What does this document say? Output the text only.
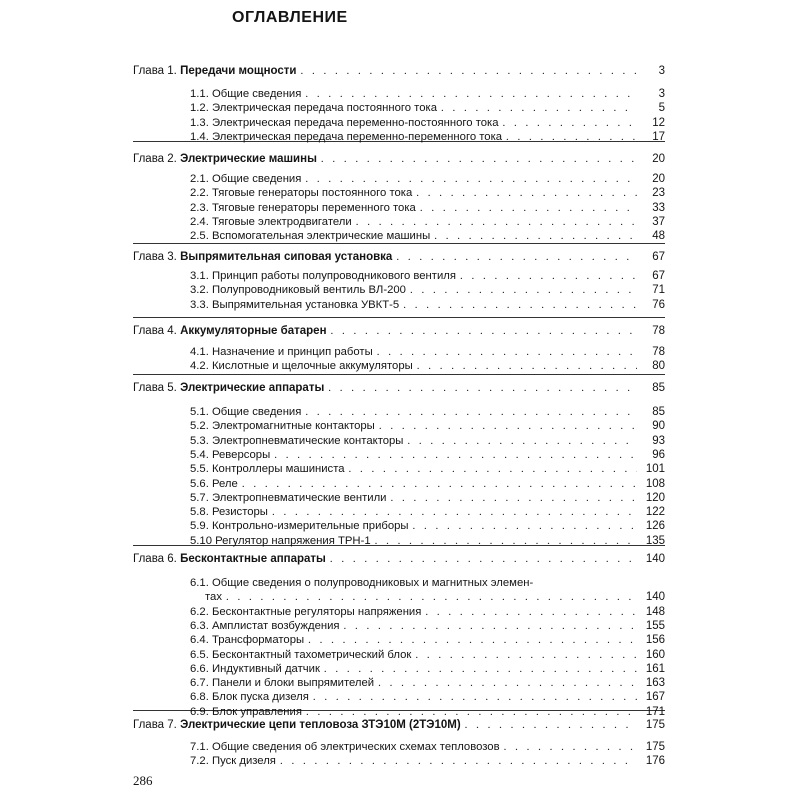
ОГЛАВЛЕНИЕ
Глава 1. Передачи мощности . . .	3
1.1. Общие сведения . . .	3
1.2. Электрическая передача постоянного тока . . .	5
1.3. Электрическая передача переменно-постоянного тока . . .	12
1.4. Электрическая передача переменно-переменного тока . . .	17
Глава 2. Электрические машины . . .	20
2.1. Общие сведения . . .	20
2.2. Тяговые генераторы постоянного тока . . .	23
2.3. Тяговые генераторы переменного тока . . .	33
2.4. Тяговые электродвигатели . . .	37
2.5. Вспомогательная электрические машины . . .	48
Глава 3. Выпрямительная сиповая установка . . .	67
3.1. Принцип работы полупроводникового вентиля . . .	67
3.2. Полупроводниковый вентиль ВЛ-200 . . .	71
3.3. Выпрямительная установка УВКТ-5 . . .	76
Глава 4. Аккумуляторные батарен . . .	78
4.1. Назначение и принцип работы . . .	78
4.2. Кислотные и щелочные аккумуляторы . . .	80
Глава 5. Электрические аппараты . . .	85
5.1. Общие сведения . . .	85
5.2. Электромагнитные контакторы . . .	90
5.3. Электропневматические контакторы . . .	93
5.4. Реверсоры . . .	96
5.5. Контроллеры машиниста . . .	101
5.6. Реле . . .	108
5.7. Электропневматические вентили . . .	120
5.8. Резисторы . . .	122
5.9. Контрольно-измерительные приборы . . .	126
5.10 Регулятор напряжения ТРН-1 . . .	135
Глава 6. Бесконтактные аппараты . . .	140
6.1. Общие сведения о полупроводниковых и магнитных элемен-
тах . . .	140
6.2. Бесконтактные регуляторы напряжения . . .	148
6.3. Амплистат возбуждения . . .	155
6.4. Трансформаторы . . .	156
6.5. Бесконтактный тахометрический блок . . .	160
6.6. Индуктивный датчик . . .	161
6.7. Панели и блоки выпрямителей . . .	163
6.8. Блок пуска дизеля . . .	167
6.9. Блок управления . . .	171
Глава 7. Электрические цепи тепловоза ЗТЭ10М (2ТЭ10М) . . .	175
7.1. Общие сведения об электрических схемах тепловозов . . .	175
7.2. Пуск дизеля . . .	176
286
